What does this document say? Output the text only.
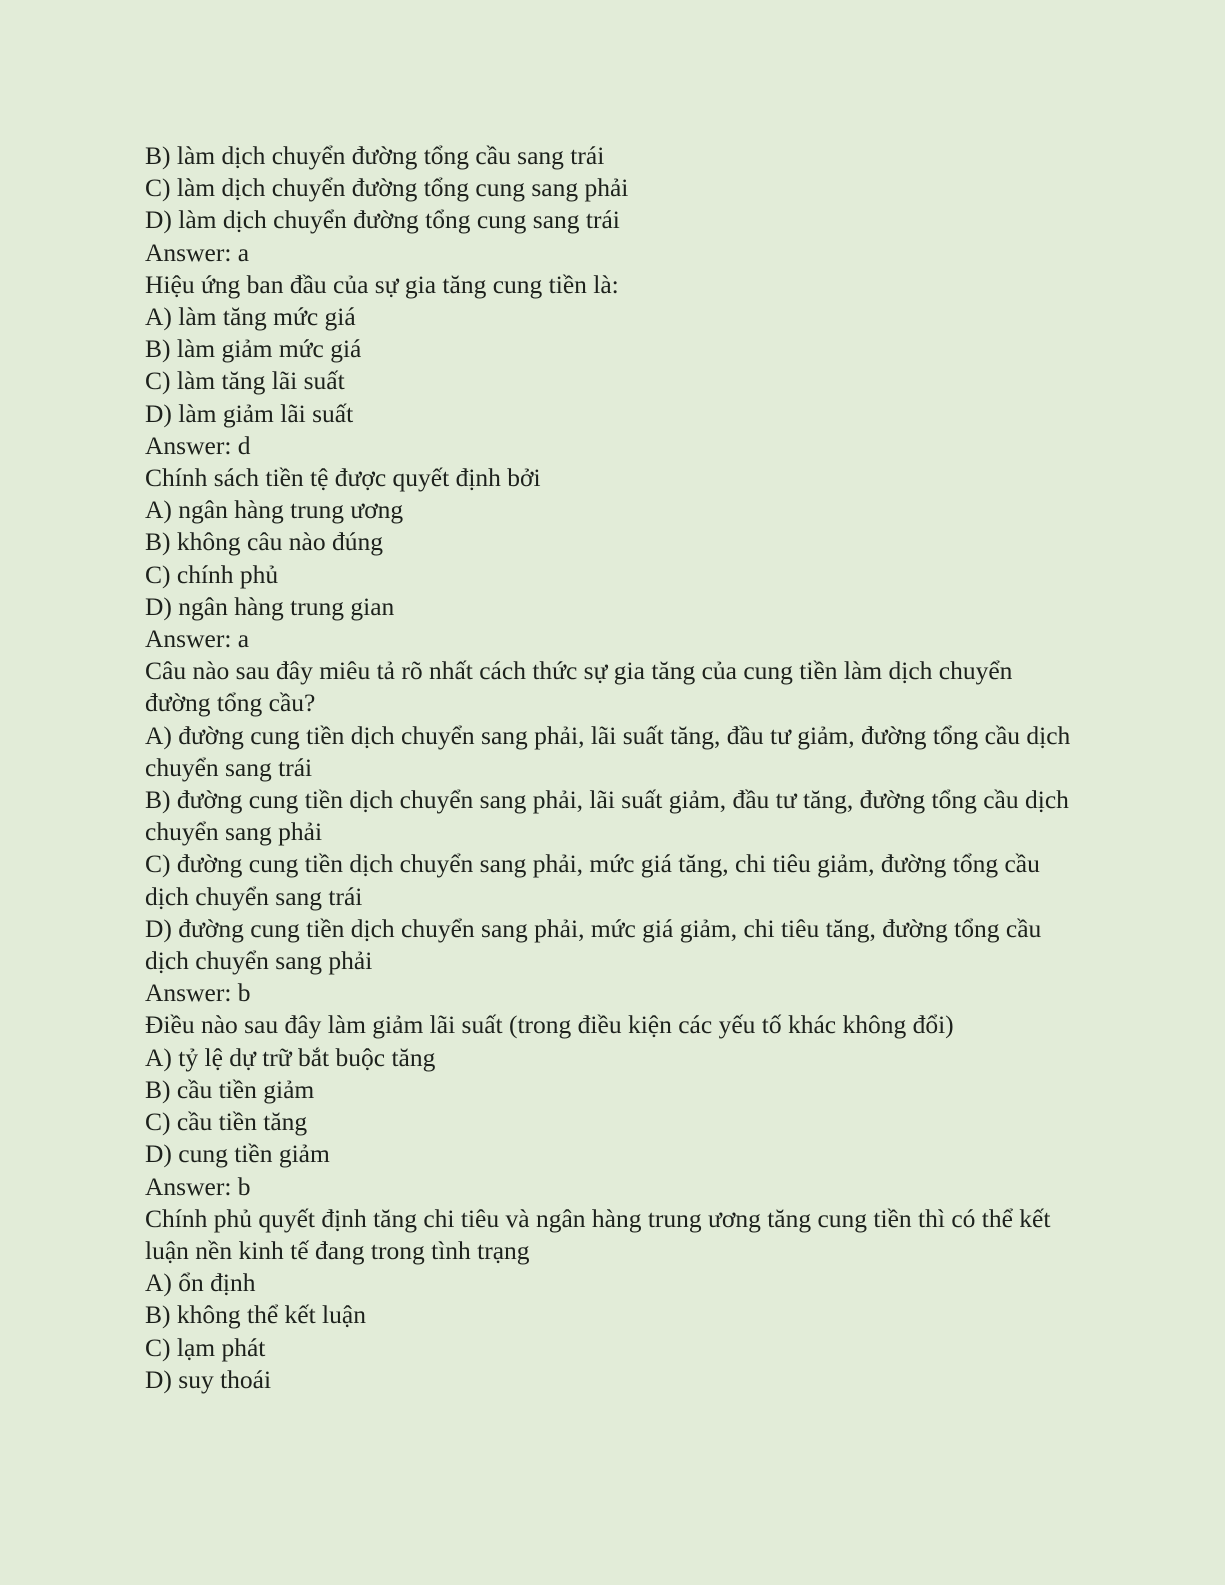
B) làm dịch chuyển đường tổng cầu sang trái

C) làm dịch chuyển đường tổng cung sang phải

D) làm dịch chuyển đường tổng cung sang trái

Answer: a

Hiệu ứng ban đầu của sự gia tăng cung tiền là:

A) làm tăng mức giá

B) làm giảm mức giá

C) làm tăng lãi suất

D) làm giảm lãi suất

Answer: d

Chính sách tiền tệ được quyết định bởi

A) ngân hàng trung ương

B) không câu nào đúng

C) chính phủ

D) ngân hàng trung gian

Answer: a

Câu nào sau đây miêu tả rõ nhất cách thức sự gia tăng của cung tiền làm dịch chuyển đường tổng cầu?

A) đường cung tiền dịch chuyển sang phải, lãi suất tăng, đầu tư giảm, đường tổng cầu dịch chuyển sang trái

B) đường cung tiền dịch chuyển sang phải, lãi suất giảm, đầu tư tăng, đường tổng cầu dịch chuyển sang phải

C) đường cung tiền dịch chuyển sang phải, mức giá tăng, chi tiêu giảm, đường tổng cầu dịch chuyển sang trái

D) đường cung tiền dịch chuyển sang phải, mức giá giảm, chi tiêu tăng, đường tổng cầu dịch chuyển sang phải

Answer: b

Điều nào sau đây làm giảm lãi suất (trong điều kiện các yếu tố khác không đổi)

A) tỷ lệ dự trữ bắt buộc tăng

B) cầu tiền giảm

C) cầu tiền tăng

D) cung tiền giảm

Answer: b

Chính phủ quyết định tăng chi tiêu và ngân hàng trung ương tăng cung tiền thì có thể kết luận nền kinh tế đang trong tình trạng

A) ổn định

B) không thể kết luận

C) lạm phát

D) suy thoái
